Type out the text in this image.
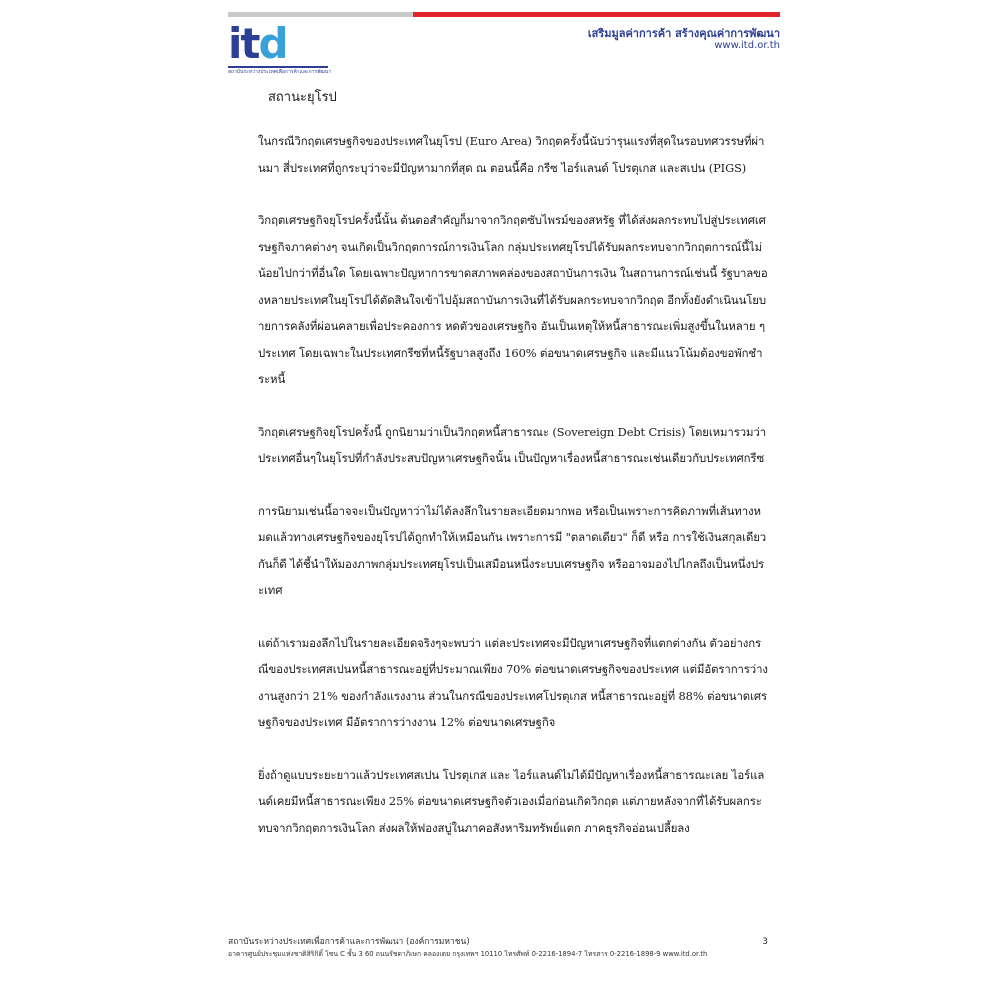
itd
สถาบันระหว่างประเทศเพื่อการค้าและการพัฒนา
เสริมมูลค่าการค้า สร้างคุณค่าการพัฒนา
www.itd.or.th
สถานะยุโรป

ในกรณีวิกฤตเศรษฐกิจของประเทศในยุโรป (Euro Area) วิกฤตครั้งนี้นับว่ารุนแรงที่สุดในรอบทศวรรษที่ผ่านมา สี่ประเทศที่ถูกระบุว่าจะมีปัญหามากที่สุด ณ ตอนนี้คือ กรีซ ไอร์แลนด์ โปรตุเกส และสเปน (PIGS)

วิกฤตเศรษฐกิจยุโรปครั้งนี้นั้น ต้นตอสำคัญก็มาจากวิกฤตซับไพรม์ของสหรัฐ ที่ได้ส่งผลกระทบไปสู่ประเทศเศรษฐกิจภาคต่างๆ จนเกิดเป็นวิกฤตการณ์การเงินโลก กลุ่มประเทศยุโรปได้รับผลกระทบจากวิกฤตการณ์นี้ไม่น้อยไปกว่าที่อื่นใด โดยเฉพาะปัญหาการขาดสภาพคล่องของสถาบันการเงิน ในสถานการณ์เช่นนี้ รัฐบาลของหลายประเทศในยุโรปได้ตัดสินใจเข้าไปอุ้มสถาบันการเงินที่ได้รับผลกระทบจากวิกฤต อีกทั้งยังดำเนินนโยบายการคลังที่ผ่อนคลายเพื่อประคองการ หดตัวของเศรษฐกิจ อันเป็นเหตุให้หนี้สาธารณะเพิ่มสูงขึ้นในหลาย ๆ ประเทศ โดยเฉพาะในประเทศกรีซที่หนี้รัฐบาลสูงถึง 160% ต่อขนาดเศรษฐกิจ และมีแนวโน้มต้องขอพักชำระหนี้

วิกฤตเศรษฐกิจยุโรปครั้งนี้ ถูกนิยามว่าเป็นวิกฤตหนี้สาธารณะ (Sovereign Debt Crisis) โดยเหมารวมว่า ประเทศอื่นๆในยุโรปที่กำลังประสบปัญหาเศรษฐกิจนั้น เป็นปัญหาเรื่องหนี้สาธารณะเช่นเดียวกับประเทศกรีซ

การนิยามเช่นนี้อาจจะเป็นปัญหาว่าไม่ได้ลงลึกในรายละเอียดมากพอ หรือเป็นเพราะการคิดภาพที่เส้นทางหมดแล้วทางเศรษฐกิจของยุโรปได้ถูกทำให้เหมือนกัน เพราะการมี "ตลาดเดียว" ก็ดี หรือ การใช้เงินสกุลเดียวกันก็ดี ได้ชี้นำให้มองภาพกลุ่มประเทศยุโรปเป็นเสมือนหนึ่งระบบเศรษฐกิจ หรืออาจมองไปไกลถึงเป็นหนึ่งประเทศ

แต่ถ้าเรามองลึกไปในรายละเอียดจริงๆจะพบว่า แต่ละประเทศจะมีปัญหาเศรษฐกิจที่แตกต่างกัน ตัวอย่างกรณีของประเทศสเปนหนี้สาธารณะอยู่ที่ประมาณเพียง 70% ต่อขนาดเศรษฐกิจของประเทศ แต่มีอัตราการว่างงานสูงกว่า 21% ของกำลังแรงงาน ส่วนในกรณีของประเทศโปรตุเกส หนี้สาธารณะอยู่ที่ 88% ต่อขนาดเศรษฐกิจของประเทศ มีอัตราการว่างงาน 12% ต่อขนาดเศรษฐกิจ

ยิ่งถ้าดูแบบระยะยาวแล้วประเทศสเปน โปรตุเกส และ ไอร์แลนด์ไม่ได้มีปัญหาเรื่องหนี้สาธารณะเลย ไอร์แลนด์เคยมีหนี้สาธารณะเพียง 25% ต่อขนาดเศรษฐกิจตัวเองเมื่อก่อนเกิดวิกฤต แต่ภายหลังจากที่ได้รับผลกระทบจากวิกฤตการเงินโลก ส่งผลให้ฟองสบู่ในภาคอสังหาริมทรัพย์แตก ภาคธุรกิจอ่อนเปลี้ยลง

สถาบันระหว่างประเทศเพื่อการค้าและการพัฒนา (องค์การมหาชน)	3
อาคารศูนย์ประชุมแห่งชาติสิริกิติ์ โซน C ชั้น 3 60 ถนนรัชดาภิเษก คลองเตย กรุงเทพฯ 10110 โทรศัพท์ 0-2216-1894-7 โทรสาร 0-2216-1898-9 www.itd.or.th
